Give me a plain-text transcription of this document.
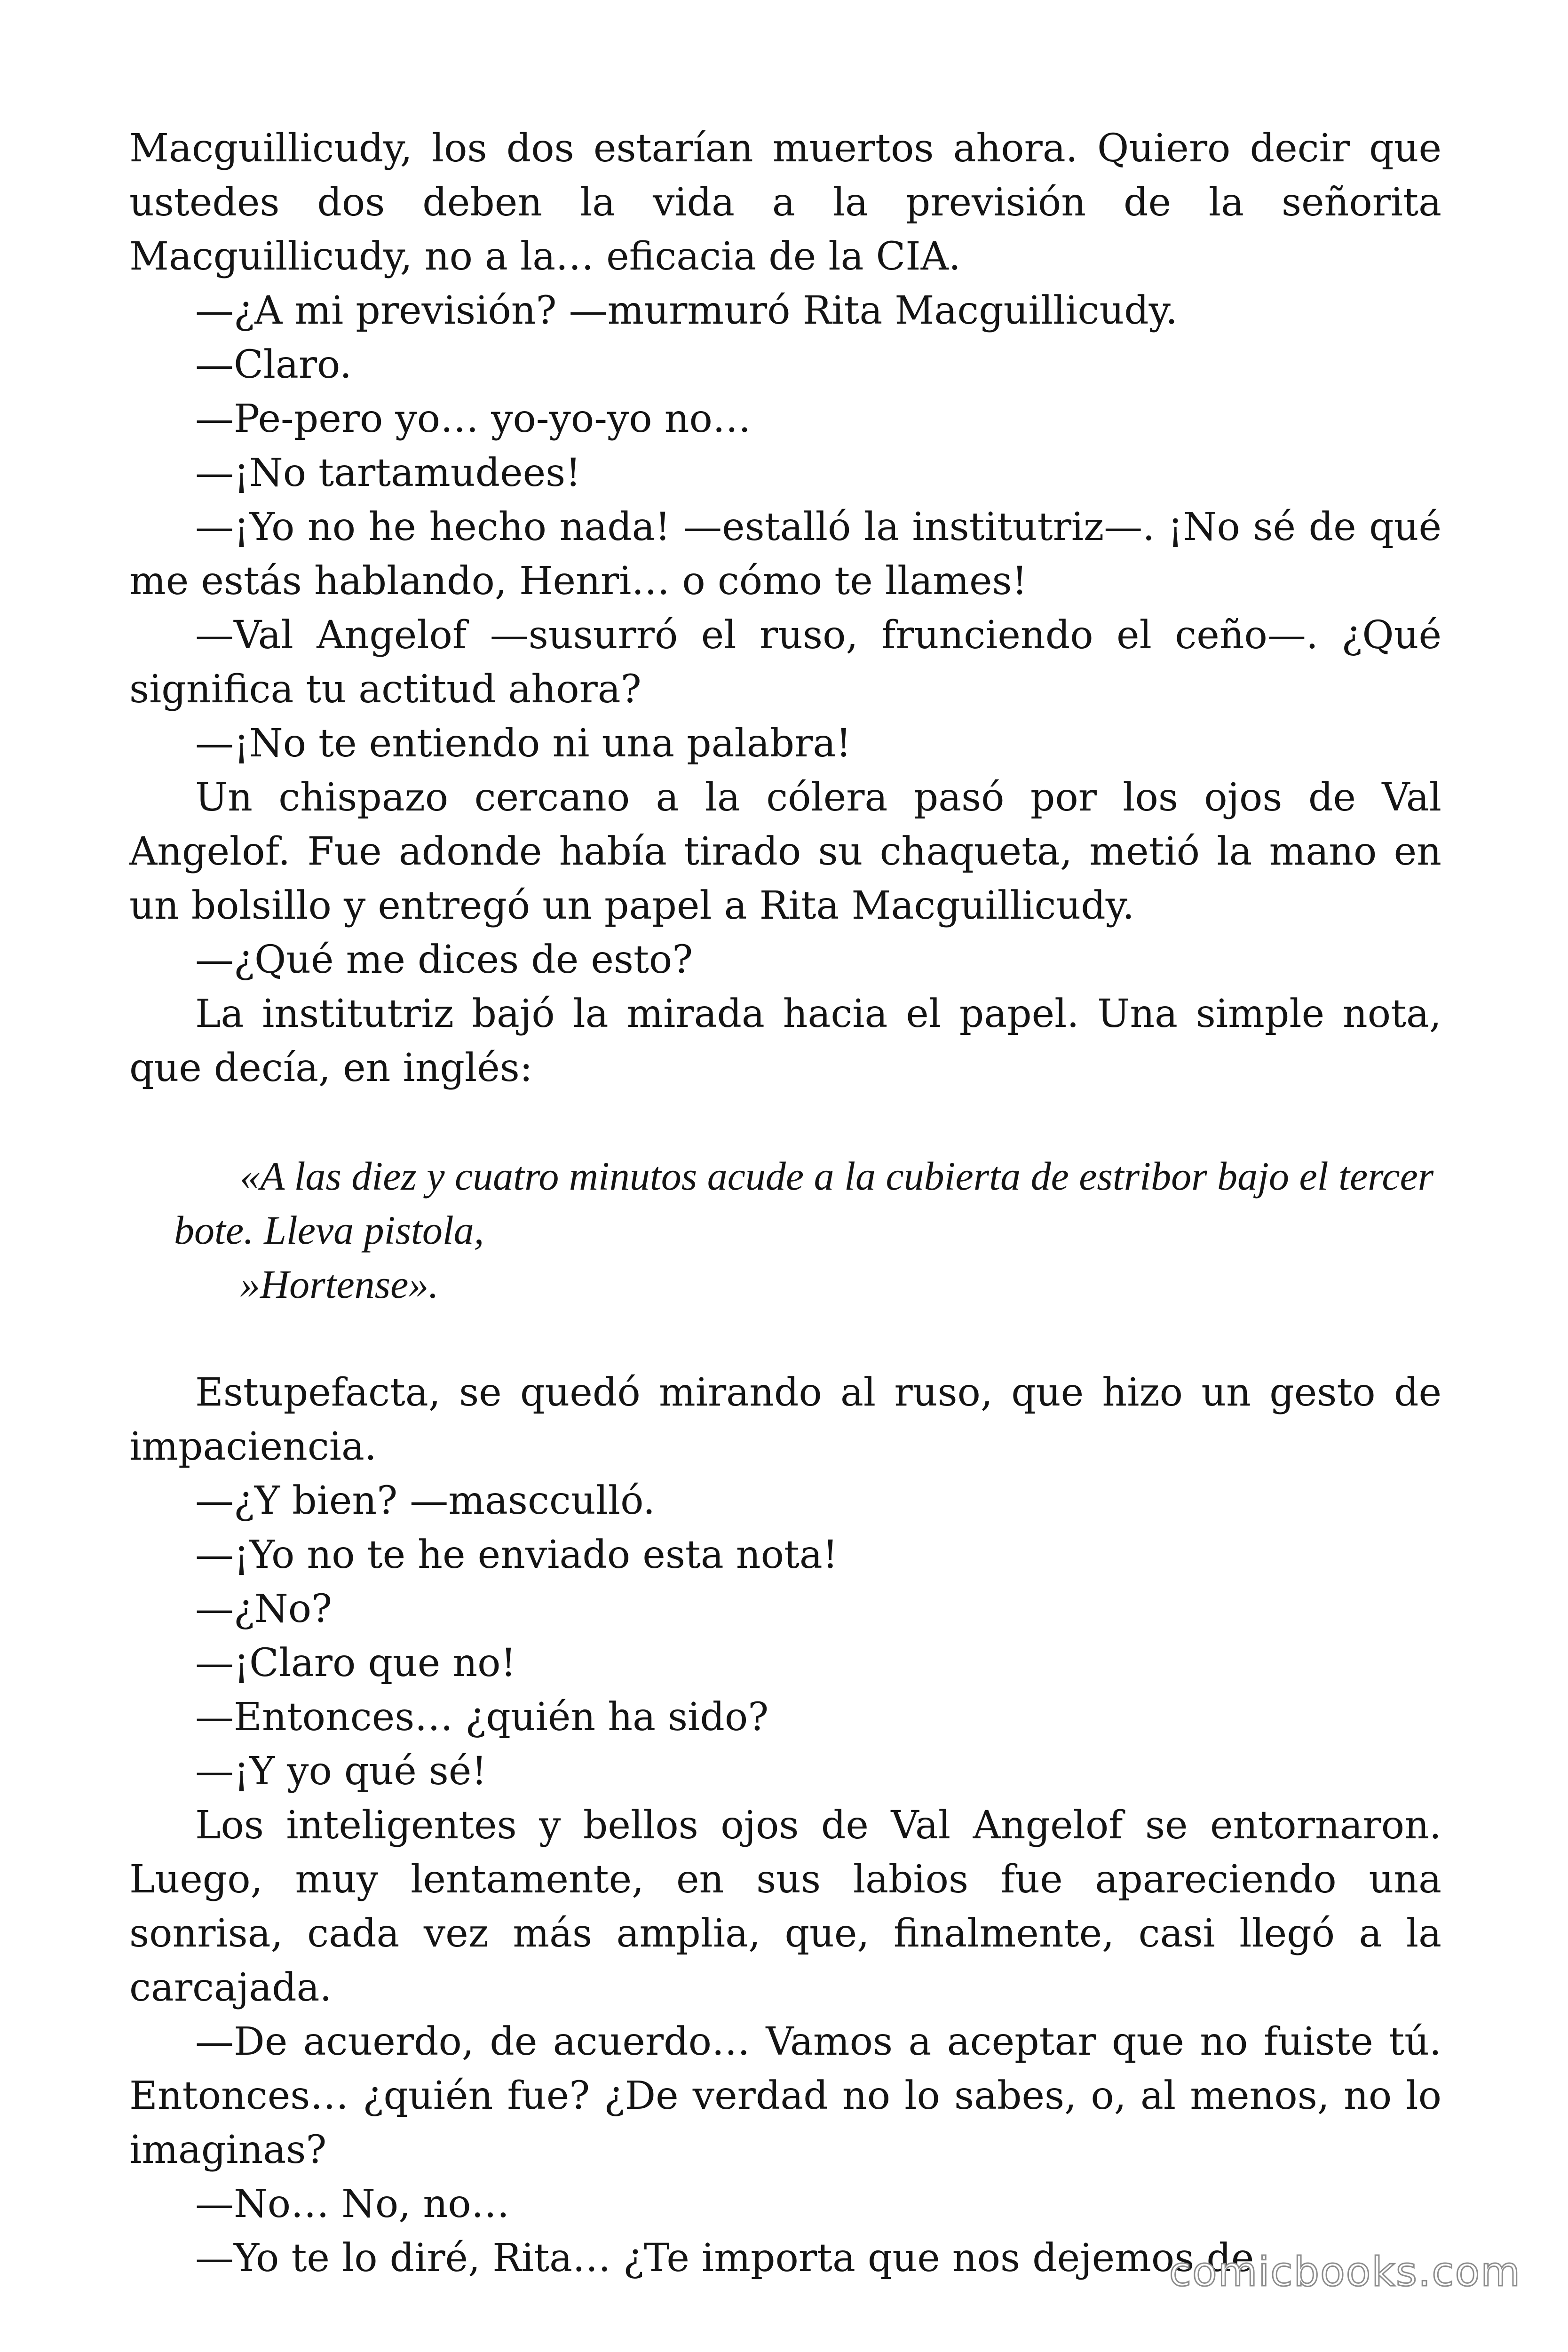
Macguillicudy, los dos estarían muertos ahora. Quiero decir que ustedes dos deben la vida a la previsión de la señorita Macguillicudy, no a la… eficacia de la CIA.

—¿A mi previsión? —murmuró Rita Macguillicudy.

—Claro.

—Pe-pero yo… yo-yo-yo no…

—¡No tartamudees!

—¡Yo no he hecho nada! —estalló la institutriz—. ¡No sé de qué me estás hablando, Henri… o cómo te llames!

—Val Angelof —susurró el ruso, frunciendo el ceño—. ¿Qué significa tu actitud ahora?

—¡No te entiendo ni una palabra!

Un chispazo cercano a la cólera pasó por los ojos de Val Angelof. Fue adonde había tirado su chaqueta, metió la mano en un bolsillo y entregó un papel a Rita Macguillicudy.

—¿Qué me dices de esto?

La institutriz bajó la mirada hacia el papel. Una simple nota, que decía, en inglés:

«A las diez y cuatro minutos acude a la cubierta de estribor bajo el tercer bote. Lleva pistola,

»Hortense».

Estupefacta, se quedó mirando al ruso, que hizo un gesto de impaciencia.

—¿Y bien? —mascculló.

—¡Yo no te he enviado esta nota!

—¿No?

—¡Claro que no!

—Entonces… ¿quién ha sido?

—¡Y yo qué sé!

Los inteligentes y bellos ojos de Val Angelof se entornaron. Luego, muy lentamente, en sus labios fue apareciendo una sonrisa, cada vez más amplia, que, finalmente, casi llegó a la carcajada.

—De acuerdo, de acuerdo… Vamos a aceptar que no fuiste tú. Entonces… ¿quién fue? ¿De verdad no lo sabes, o, al menos, no lo imaginas?

—No… No, no…

—Yo te lo diré, Rita… ¿Te importa que nos dejemos de

comicbooks.com
